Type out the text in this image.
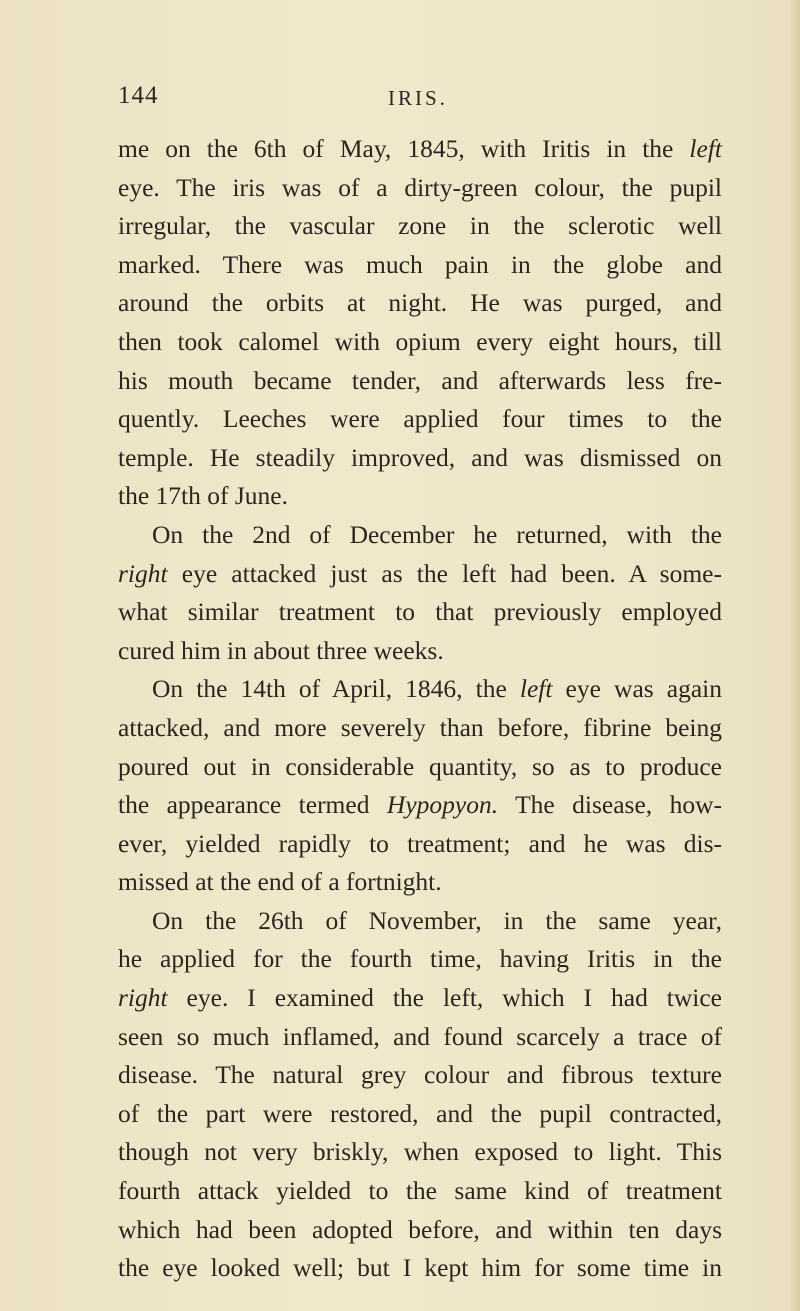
144	IRIS.
me on the 6th of May, 1845, with Iritis in the left
eye. The iris was of a dirty-green colour, the pupil
irregular, the vascular zone in the sclerotic well
marked. There was much pain in the globe and
around the orbits at night. He was purged, and
then took calomel with opium every eight hours, till
his mouth became tender, and afterwards less fre-
quently. Leeches were applied four times to the
temple. He steadily improved, and was dismissed on
the 17th of June.
On the 2nd of December he returned, with the
right eye attacked just as the left had been. A some-
what similar treatment to that previously employed
cured him in about three weeks.
On the 14th of April, 1846, the left eye was again
attacked, and more severely than before, fibrine being
poured out in considerable quantity, so as to produce
the appearance termed Hypopyon. The disease, how-
ever, yielded rapidly to treatment; and he was dis-
missed at the end of a fortnight.
On the 26th of November, in the same year,
he applied for the fourth time, having Iritis in the
right eye. I examined the left, which I had twice
seen so much inflamed, and found scarcely a trace of
disease. The natural grey colour and fibrous texture
of the part were restored, and the pupil contracted,
though not very briskly, when exposed to light. This
fourth attack yielded to the same kind of treatment
which had been adopted before, and within ten days
the eye looked well; but I kept him for some time in
